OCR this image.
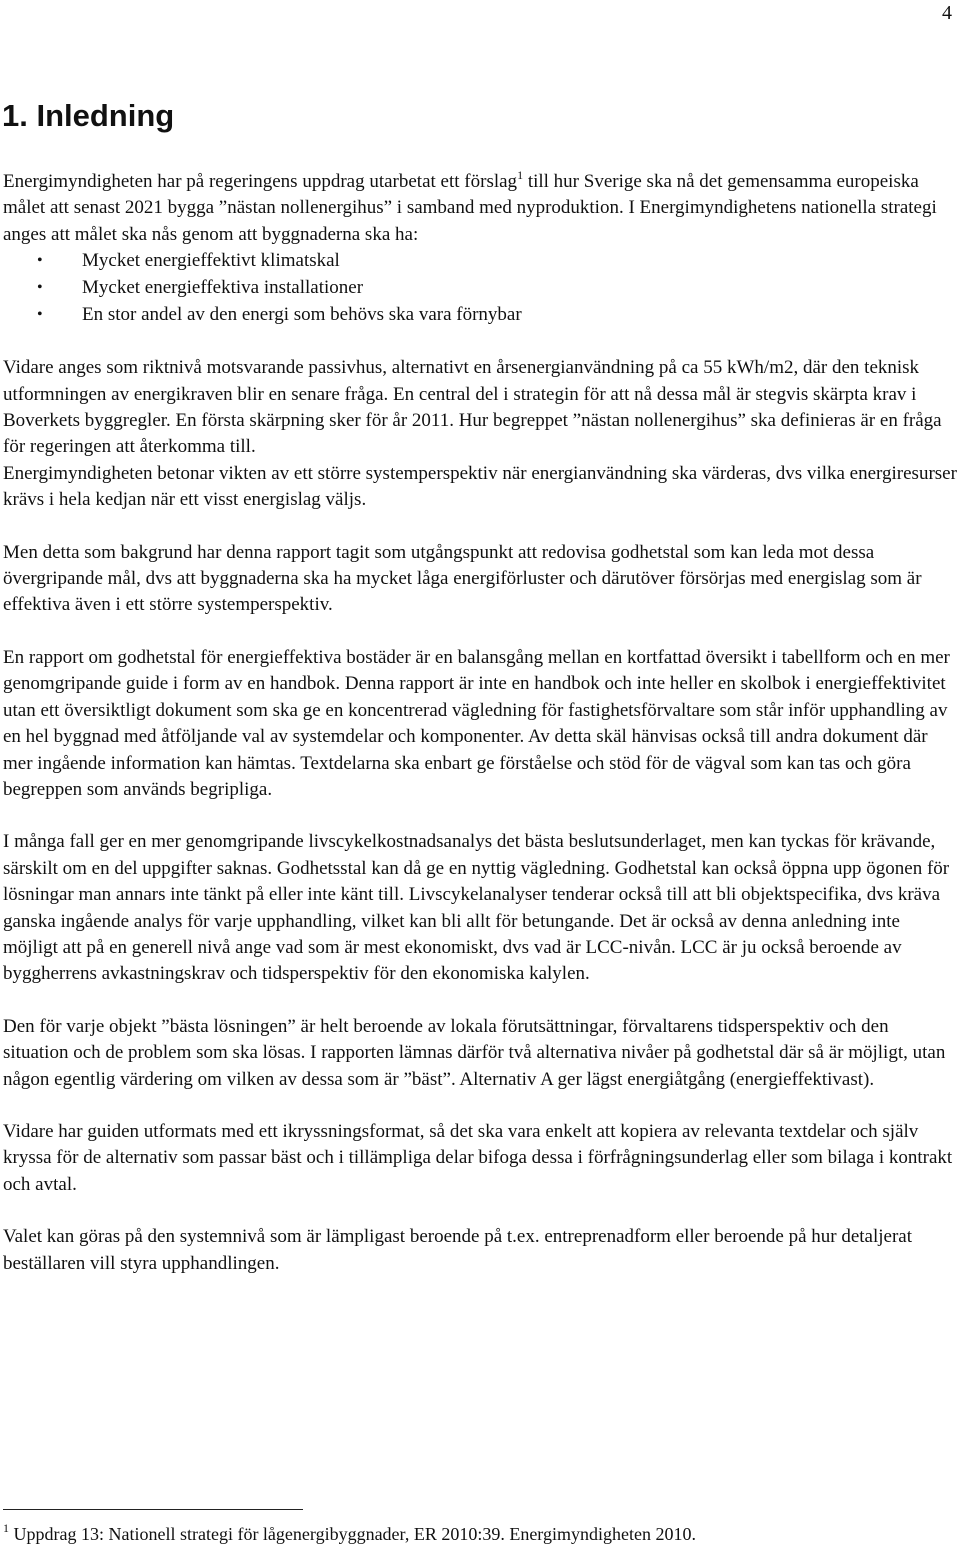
4
1. Inledning

Energimyndigheten har på regeringens uppdrag utarbetat ett förslag$^1$ till hur Sverige ska nå det gemensamma europeiska målet att senast 2021 bygga ”nästan nollenergihus” i samband med nyproduktion. I Energimyndighetens nationella strategi anges att målet ska nås genom att byggnaderna ska ha:

• Mycket energieffektivt klimatskal
• Mycket energieffektiva installationer
• En stor andel av den energi som behövs ska vara förnybar

Vidare anges som riktnivå motsvarande passivhus, alternativt en årsenergianvändning på ca 55 kWh/m2, där den teknisk utformningen av energikraven blir en senare fråga. En central del i strategin för att nå dessa mål är stegvis skärpta krav i Boverkets byggregler. En första skärpning sker för år 2011. Hur begreppet ”nästan nollenergihus” ska definieras är en fråga för regeringen att återkomma till.

Energimyndigheten betonar vikten av ett större systemperspektiv när energianvändning ska värderas, dvs vilka energiresurser krävs i hela kedjan när ett visst energislag väljs.

Men detta som bakgrund har denna rapport tagit som utgångspunkt att redovisa godhetstal som kan leda mot dessa övergripande mål, dvs att byggnaderna ska ha mycket låga energiförluster och därutöver försörjas med energislag som är effektiva även i ett större systemperspektiv.

En rapport om godhetstal för energieffektiva bostäder är en balansgång mellan en kortfattad översikt i tabellform och en mer genomgripande guide i form av en handbok. Denna rapport är inte en handbok och inte heller en skolbok i energieffektivitet utan ett översiktligt dokument som ska ge en koncentrerad vägledning för fastighetsförvaltare som står inför upphandling av en hel byggnad med åtföljande val av systemdelar och komponenter. Av detta skäl hänvisas också till andra dokument där mer ingående information kan hämtas. Textdelarna ska enbart ge förståelse och stöd för de vägval som kan tas och göra begreppen som används begripliga.

I många fall ger en mer genomgripande livscykelkostnadsanalys det bästa beslutsunderlaget, men kan tyckas för krävande, särskilt om en del uppgifter saknas. Godhetsstal kan då ge en nyttig vägledning. Godhetstal kan också öppna upp ögonen för lösningar man annars inte tänkt på eller inte känt till. Livscykelanalyser tenderar också till att bli objektspecifika, dvs kräva ganska ingående analys för varje upphandling, vilket kan bli allt för betungande. Det är också av denna anledning inte möjligt att på en generell nivå ange vad som är mest ekonomiskt, dvs vad är LCC-nivån. LCC är ju också beroende av byggherrens avkastningskrav och tidsperspektiv för den ekonomiska kalylen.

Den för varje objekt ”bästa lösningen” är helt beroende av lokala förutsättningar, förvaltarens tidsperspektiv och den situation och de problem som ska lösas. I rapporten lämnas därför två alternativa nivåer på godhetstal där så är möjligt, utan någon egentlig värdering om vilken av dessa som är ”bäst”. Alternativ A ger lägst energiåtgång (energieffektivast).

Vidare har guiden utformats med ett ikryssningsformat, så det ska vara enkelt att kopiera av relevanta textdelar och själv kryssa för de alternativ som passar bäst och i tillämpliga delar bifoga dessa i förfrågningsunderlag eller som bilaga i kontrakt och avtal.

Valet kan göras på den systemnivå som är lämpligast beroende på t.ex. entreprenadform eller beroende på hur detaljerat beställaren vill styra upphandlingen.

$^1$ Uppdrag 13: Nationell strategi för lågenergibyggnader, ER 2010:39. Energimyndigheten 2010.
